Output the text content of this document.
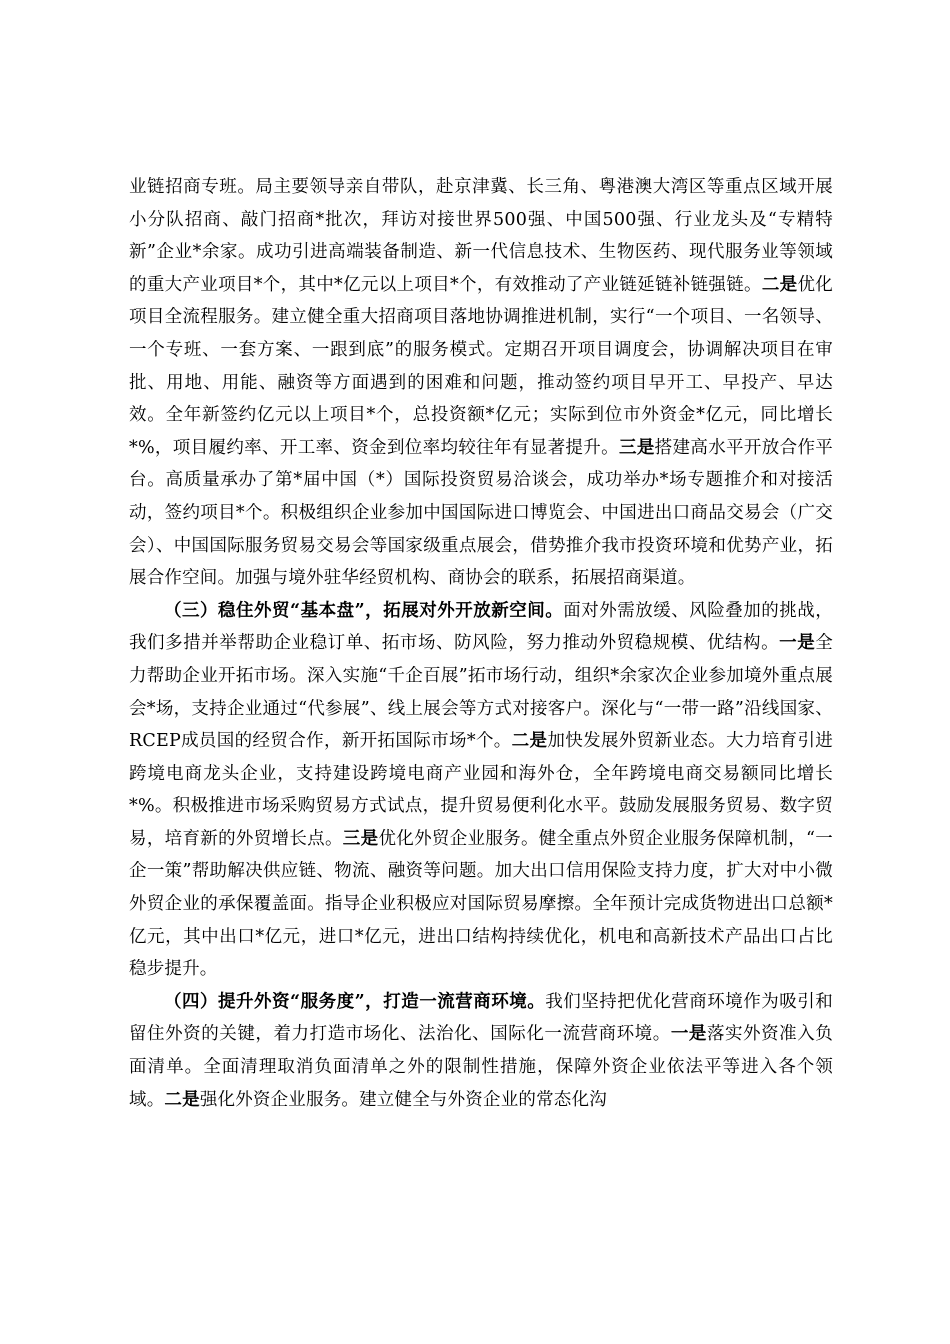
业链招商专班。局主要领导亲自带队，赴京津冀、长三角、粤港澳大湾区等重点区域开展小分队招商、敲门招商*批次，拜访对接世界500强、中国500强、行业龙头及“专精特新”企业*余家。成功引进高端装备制造、新一代信息技术、生物医药、现代服务业等领域的重大产业项目*个，其中*亿元以上项目*个，有效推动了产业链延链补链强链。二是优化项目全流程服务。建立健全重大招商项目落地协调推进机制，实行“一个项目、一名领导、一个专班、一套方案、一跟到底”的服务模式。定期召开项目调度会，协调解决项目在审批、用地、用能、融资等方面遇到的困难和问题，推动签约项目早开工、早投产、早达效。全年新签约亿元以上项目*个，总投资额*亿元；实际到位市外资金*亿元，同比增长*%，项目履约率、开工率、资金到位率均较往年有显著提升。三是搭建高水平开放合作平台。高质量承办了第*届中国（*）国际投资贸易洽谈会，成功举办*场专题推介和对接活动，签约项目*个。积极组织企业参加中国国际进口博览会、中国进出口商品交易会（广交会）、中国国际服务贸易交易会等国家级重点展会，借势推介我市投资环境和优势产业，拓展合作空间。加强与境外驻华经贸机构、商协会的联系，拓展招商渠道。

（三）稳住外贸“基本盘”，拓展对外开放新空间。面对外需放缓、风险叠加的挑战，我们多措并举帮助企业稳订单、拓市场、防风险，努力推动外贸稳规模、优结构。一是全力帮助企业开拓市场。深入实施“千企百展”拓市场行动，组织*余家次企业参加境外重点展会*场，支持企业通过“代参展”、线上展会等方式对接客户。深化与“一带一路”沿线国家、RCEP成员国的经贸合作，新开拓国际市场*个。二是加快发展外贸新业态。大力培育引进跨境电商龙头企业，支持建设跨境电商产业园和海外仓，全年跨境电商交易额同比增长*%。积极推进市场采购贸易方式试点，提升贸易便利化水平。鼓励发展服务贸易、数字贸易，培育新的外贸增长点。三是优化外贸企业服务。健全重点外贸企业服务保障机制，“一企一策”帮助解决供应链、物流、融资等问题。加大出口信用保险支持力度，扩大对中小微外贸企业的承保覆盖面。指导企业积极应对国际贸易摩擦。全年预计完成货物进出口总额*亿元，其中出口*亿元，进口*亿元，进出口结构持续优化，机电和高新技术产品出口占比稳步提升。

（四）提升外资“服务度”，打造一流营商环境。我们坚持把优化营商环境作为吸引和留住外资的关键，着力打造市场化、法治化、国际化一流营商环境。一是落实外资准入负面清单。全面清理取消负面清单之外的限制性措施，保障外资企业依法平等进入各个领域。二是强化外资企业服务。建立健全与外资企业的常态化沟
